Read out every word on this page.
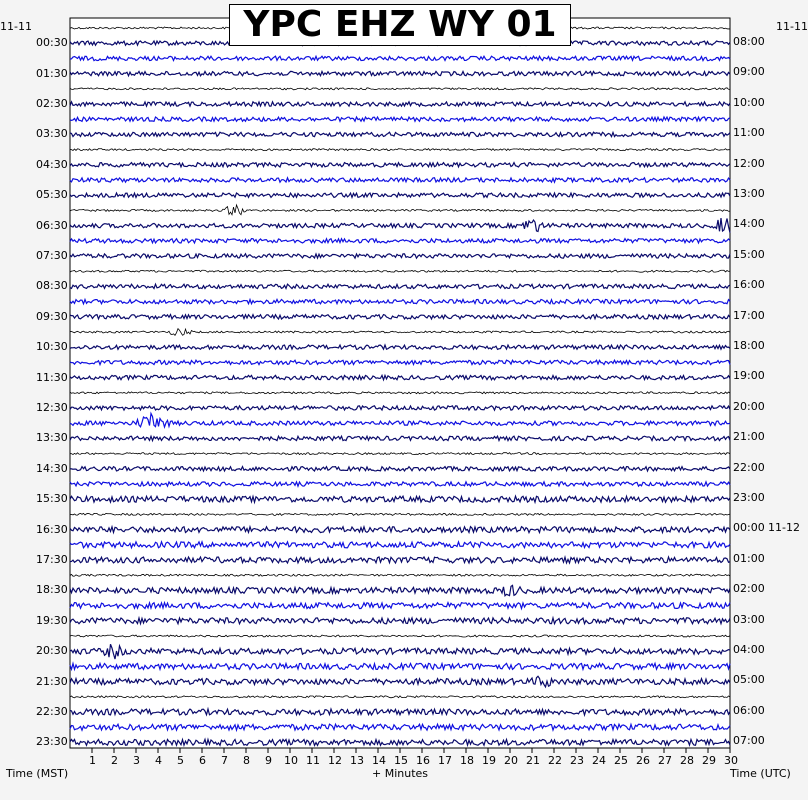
YPC EHZ WY 01
11-11	11-11
00:30
01:30
02:30
03:30
04:30
05:30
06:30
07:30
08:30
09:30
10:30
11:30
12:30
13:30
14:30
15:30
16:30
17:30
18:30
19:30
20:30
21:30
22:30
23:30
08:00
09:00
10:00
11:00
12:00
13:00
14:00
15:00
16:00
17:00
18:00
19:00
20:00
21:00
22:00
23:00
00:00 11-12
01:00
02:00
03:00
04:00
05:00
06:00
07:00
1 2 3 4 5 6 7 8 9 10 11 12 13 14 15 16 17 18 19 20 21 22 23 24 25 26 27 28 29 30
Time (MST)	+ Minutes	Time (UTC)
